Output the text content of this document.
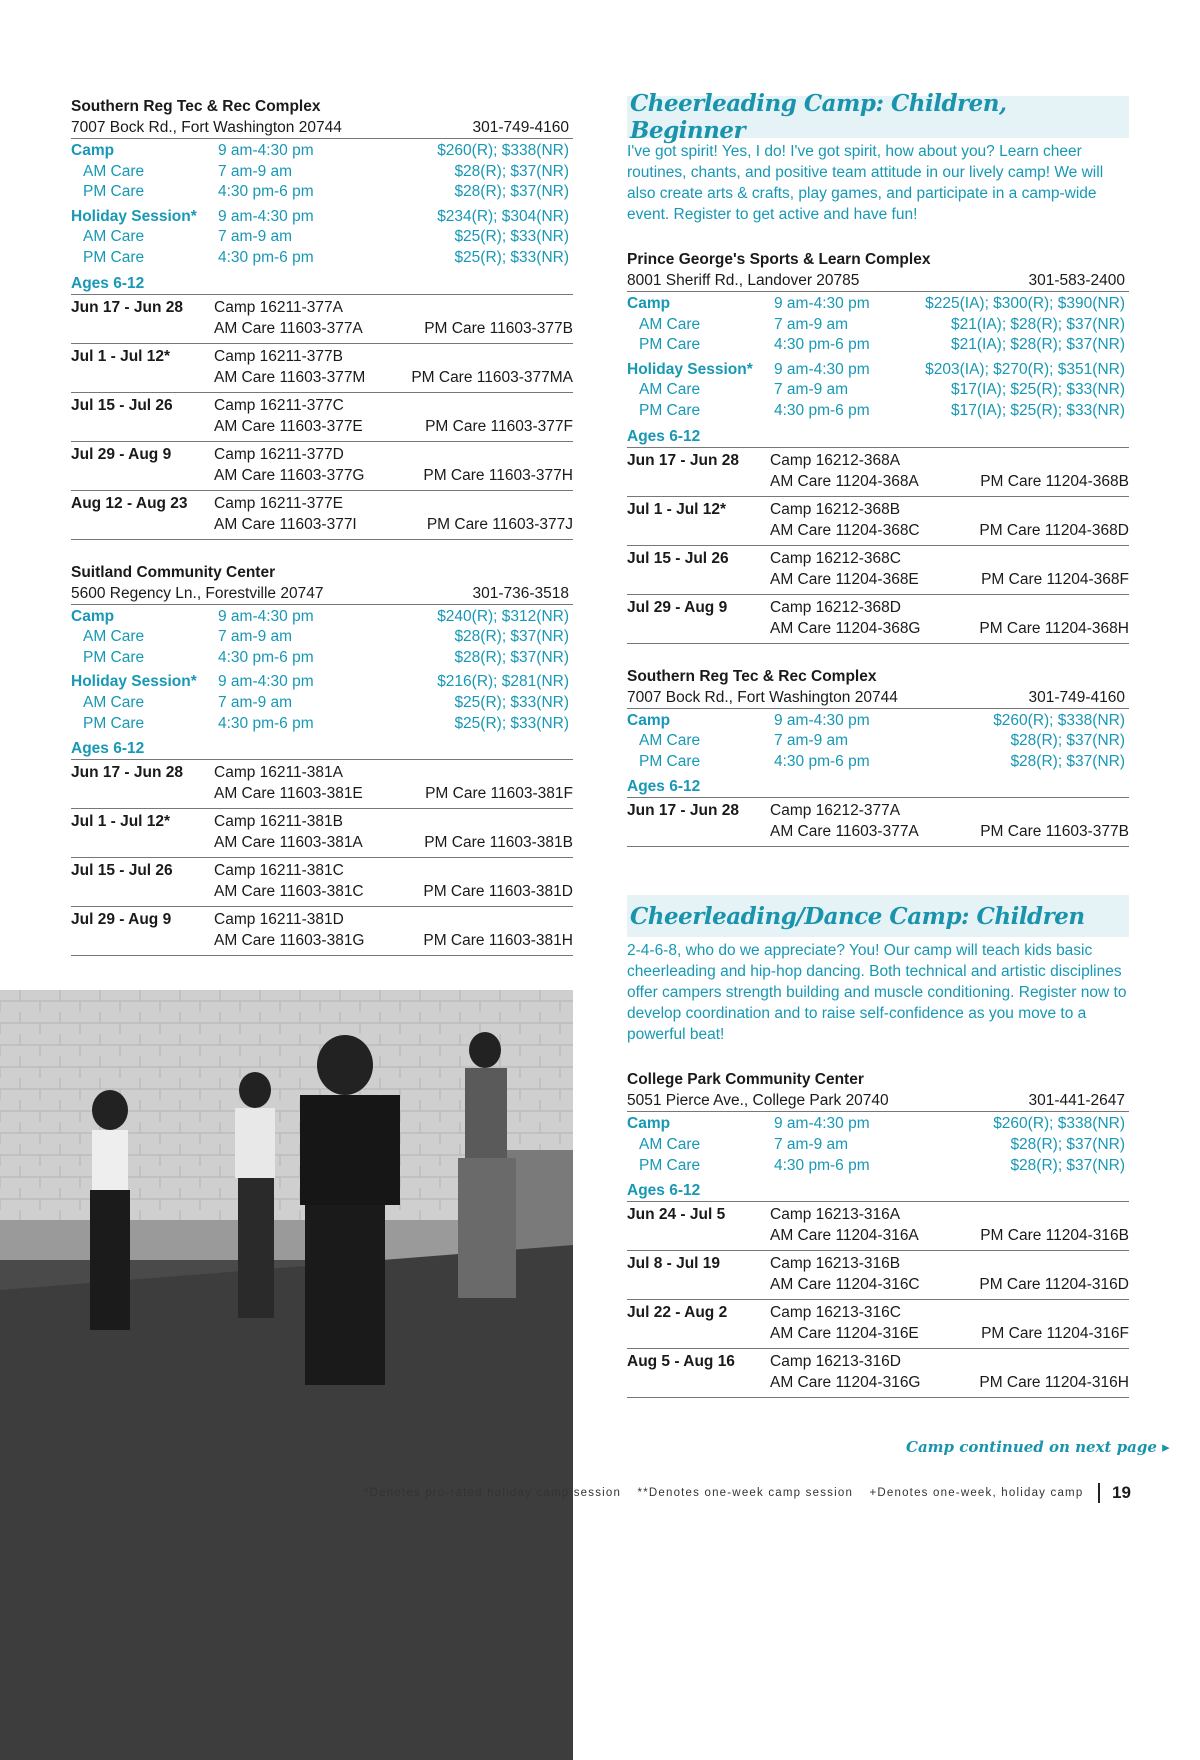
Southern Reg Tec & Rec Complex
7007 Bock Rd., Fort Washington 20744	301-749-4160
Camp	9 am-4:30 pm	$260(R); $338(NR)
AM Care	7 am-9 am	$28(R); $37(NR)
PM Care	4:30 pm-6 pm	$28(R); $37(NR)
Holiday Session*	9 am-4:30 pm	$234(R); $304(NR)
AM Care	7 am-9 am	$25(R); $33(NR)
PM Care	4:30 pm-6 pm	$25(R); $33(NR)
Ages 6-12
Jun 17 - Jun 28	Camp 16211-377A
AM Care 11603-377A	PM Care 11603-377B
Jul 1 - Jul 12*	Camp 16211-377B
AM Care 11603-377M	PM Care 11603-377MA
Jul 15 - Jul 26	Camp 16211-377C
AM Care 11603-377E	PM Care 11603-377F
Jul 29 - Aug 9	Camp 16211-377D
AM Care 11603-377G	PM Care 11603-377H
Aug 12 - Aug 23	Camp 16211-377E
AM Care 11603-377I	PM Care 11603-377J
Suitland Community Center
5600 Regency Ln., Forestville 20747	301-736-3518
Camp	9 am-4:30 pm	$240(R); $312(NR)
AM Care	7 am-9 am	$28(R); $37(NR)
PM Care	4:30 pm-6 pm	$28(R); $37(NR)
Holiday Session*	9 am-4:30 pm	$216(R); $281(NR)
AM Care	7 am-9 am	$25(R); $33(NR)
PM Care	4:30 pm-6 pm	$25(R); $33(NR)
Ages 6-12
Jun 17 - Jun 28	Camp 16211-381A
AM Care 11603-381E	PM Care 11603-381F
Jul 1 - Jul 12*	Camp 16211-381B
AM Care 11603-381A	PM Care 11603-381B
Jul 15 - Jul 26	Camp 16211-381C
AM Care 11603-381C	PM Care 11603-381D
Jul 29 - Aug 9	Camp 16211-381D
AM Care 11603-381G	PM Care 11603-381H
Cheerleading Camp: Children, Beginner
I've got spirit! Yes, I do! I've got spirit, how about you? Learn cheer routines, chants, and positive team attitude in our lively camp! We will also create arts & crafts, play games, and participate in a camp-wide event. Register to get active and have fun!
Prince George's Sports & Learn Complex
8001 Sheriff Rd., Landover 20785	301-583-2400
Camp	9 am-4:30 pm	$225(IA); $300(R); $390(NR)
AM Care	7 am-9 am	$21(IA); $28(R); $37(NR)
PM Care	4:30 pm-6 pm	$21(IA); $28(R); $37(NR)
Holiday Session*	9 am-4:30 pm	$203(IA); $270(R); $351(NR)
AM Care	7 am-9 am	$17(IA); $25(R); $33(NR)
PM Care	4:30 pm-6 pm	$17(IA); $25(R); $33(NR)
Ages 6-12
Jun 17 - Jun 28	Camp 16212-368A
AM Care 11204-368A	PM Care 11204-368B
Jul 1 - Jul 12*	Camp 16212-368B
AM Care 11204-368C	PM Care 11204-368D
Jul 15 - Jul 26	Camp 16212-368C
AM Care 11204-368E	PM Care 11204-368F
Jul 29 - Aug 9	Camp 16212-368D
AM Care 11204-368G	PM Care 11204-368H
Southern Reg Tec & Rec Complex
7007 Bock Rd., Fort Washington 20744	301-749-4160
Camp	9 am-4:30 pm	$260(R); $338(NR)
AM Care	7 am-9 am	$28(R); $37(NR)
PM Care	4:30 pm-6 pm	$28(R); $37(NR)
Ages 6-12
Jun 17 - Jun 28	Camp 16212-377A
AM Care 11603-377A	PM Care 11603-377B
Cheerleading/Dance Camp: Children
2-4-6-8, who do we appreciate? You! Our camp will teach kids basic cheerleading and hip-hop dancing. Both technical and artistic disciplines offer campers strength building and muscle conditioning. Register now to develop coordination and to raise self-confidence as you move to a powerful beat!
College Park Community Center
5051 Pierce Ave., College Park 20740	301-441-2647
Camp	9 am-4:30 pm	$260(R); $338(NR)
AM Care	7 am-9 am	$28(R); $37(NR)
PM Care	4:30 pm-6 pm	$28(R); $37(NR)
Ages 6-12
Jun 24 - Jul 5	Camp 16213-316A
AM Care 11204-316A	PM Care 11204-316B
Jul 8 - Jul 19	Camp 16213-316B
AM Care 11204-316C	PM Care 11204-316D
Jul 22 - Aug 2	Camp 16213-316C
AM Care 11204-316E	PM Care 11204-316F
Aug 5 - Aug 16	Camp 16213-316D
AM Care 11204-316G	PM Care 11204-316H
Camp continued on next page ▸
*Denotes pro-rated holiday camp session **Denotes one-week camp session +Denotes one-week, holiday camp	19
